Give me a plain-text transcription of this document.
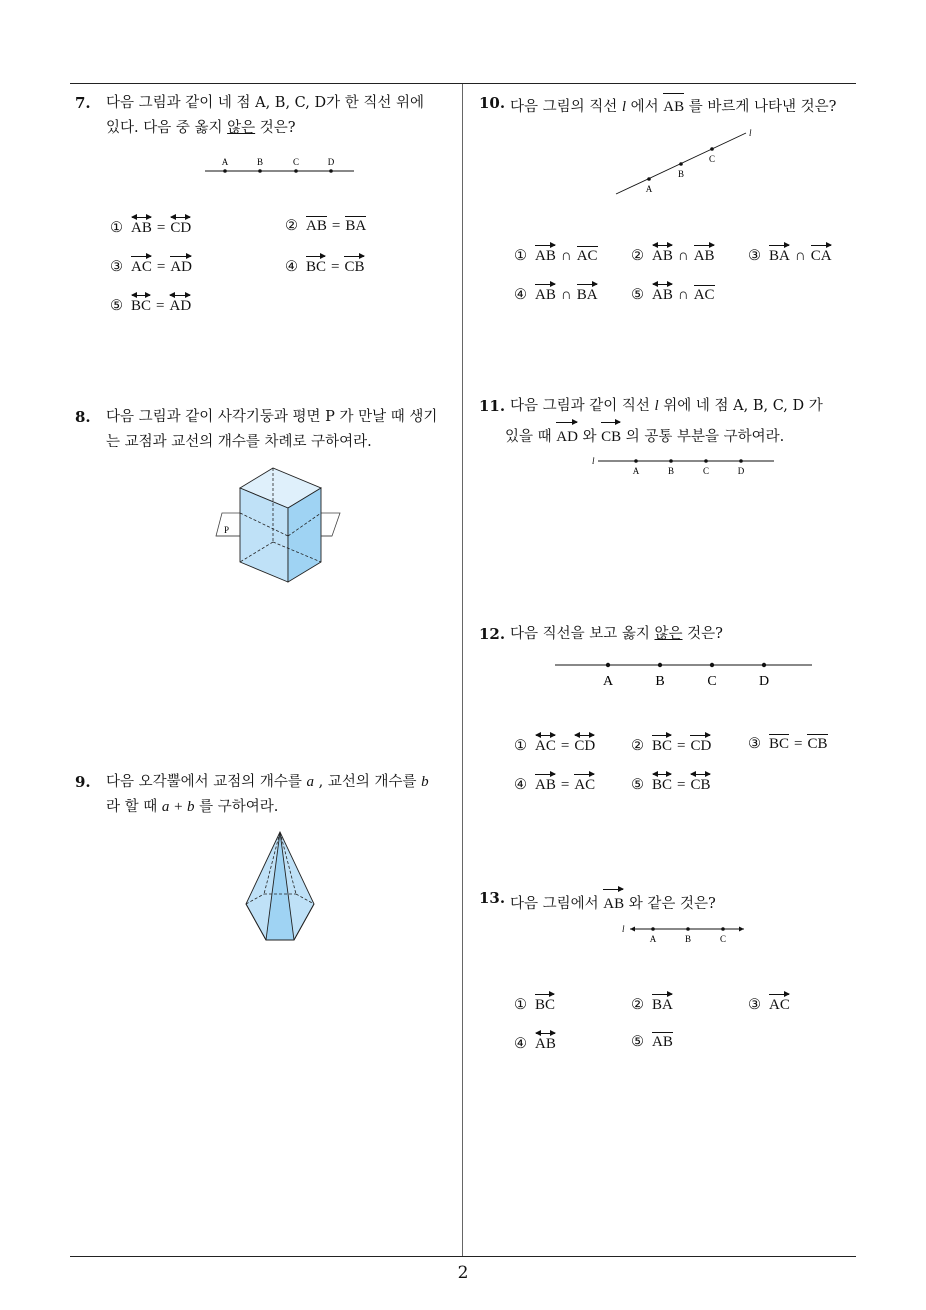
2
7.	다음 그림과 같이 네 점 A, B, C, D가 한 직선 위에
있다. 다음 중 옳지 않은 것은?
A	B	C	D
① AB = CD	② AB = BA
③ AC = AD	④ BC = CB
⑤ BC = AD
8.	다음 그림과 같이 사각기둥과 평면 P 가 만날 때 생기
는 교점과 교선의 개수를 차례로 구하여라.
P
9.	다음 오각뿔에서 교점의 개수를 a , 교선의 개수를 b
라 할 때 a + b 를 구하여라.
10. 다음 그림의 직선 l 에서 AB 를 바르게 나타낸 것은?
A
B
C
l
① AB ∩ AC ② AB ∩ AB ③ BA ∩ CA
④ AB ∩ BA ⑤ AB ∩ AC
11. 다음 그림과 같이 직선 l 위에 네 점 A, B, C, D 가
있을 때 AD 와 CB 의 공통 부분을 구하여라.
l
A	B	C	D
12. 다음 직선을 보고 옳지 않은 것은?
A	B	C	D
① AC = CD ② BC = CD	③ BC = CB
④ AB = AC ⑤ BC = CB
13. 다음 그림에서 AB 와 같은 것은?
l
A	B	C
① BC	② BA	③ AC
④ AB	⑤ AB
